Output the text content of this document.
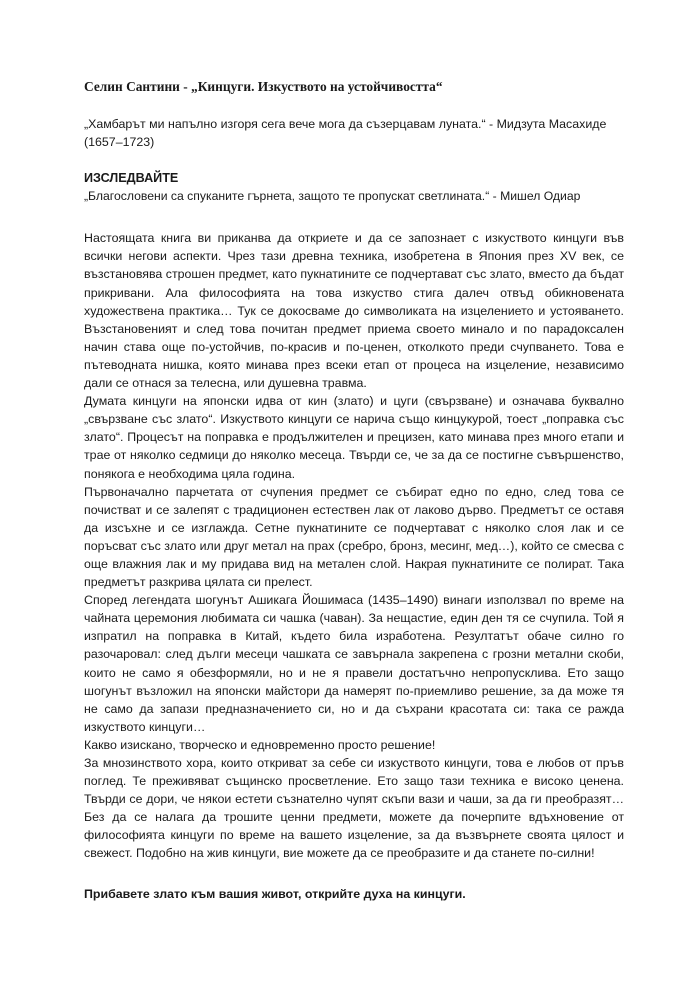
Селин Сантини - „Кинцуги. Изкуството на устойчивостта“

„Хамбарът ми напълно изгоря сега вече мога да съзерцавам луната.“ - Мидзута Масахиде (1657–1723)

ИЗСЛЕДВАЙТЕ

„Благословени са спуканите гърнета, защото те пропускат светлината.“ - Мишел Одиар

Настоящата книга ви приканва да откриете и да се запознает с изкуството кинцуги във всички негови аспекти. Чрез тази древна техника, изобретена в Япония през XV век, се възстановява строшен предмет, като пукнатините се подчертават със злато, вместо да бъдат прикривани. Ала философията на това изкуство стига далеч отвъд обикновената художествена практика… Тук се докосваме до символиката на изцелението и устояването. Възстановеният и след това почитан предмет приема своето минало и по парадоксален начин става още по-устойчив, по-красив и по-ценен, отколкото преди счупването. Това е пътеводната нишка, която минава през всеки етап от процеса на изцеление, независимо дали се отнася за телесна, или душевна травма.

Думата кинцуги на японски идва от кин (злато) и цуги (свързване) и означава буквално „свързване със злато“. Изкуството кинцуги се нарича също кинцукурой, тоест „поправка със злато“. Процесът на поправка е продължителен и прецизен, като минава през много етапи и трае от няколко седмици до няколко месеца. Твърди се, че за да се постигне съвършенство, понякога е необходима цяла година.

Първоначално парчетата от счупения предмет се събират едно по едно, след това се почистват и се залепят с традиционен естествен лак от лаково дърво. Предметът се оставя да изсъхне и се изглажда. Сетне пукнатините се подчертават с няколко слоя лак и се поръсват със злато или друг метал на прах (сребро, бронз, месинг, мед…), който се смесва с още влажния лак и му придава вид на метален слой. Накрая пукнатините се полират. Така предметът разкрива цялата си прелест.

Според легендата шогунът Ашикага Йошимаса (1435–1490) винаги използвал по време на чайната церемония любимата си чашка (чаван). За нещастие, един ден тя се счупила. Той я изпратил на поправка в Китай, където била изработена. Резултатът обаче силно го разочаровал: след дълги месеци чашката се завърнала закрепена с грозни метални скоби, които не само я обезформяли, но и не я правели достатъчно непропусклива. Ето защо шогунът възложил на японски майстори да намерят по-приемливо решение, за да може тя не само да запази предназначението си, но и да съхрани красотата си: така се ражда изкуството кинцуги…

Какво изискано, творческо и едновременно просто решение!

За мнозинството хора, които откриват за себе си изкуството кинцуги, това е любов от пръв поглед. Те преживяват същинско просветление. Ето защо тази техника е високо ценена. Твърди се дори, че някои естети съзнателно чупят скъпи вази и чаши, за да ги преобразят… Без да се налага да трошите ценни предмети, можете да почерпите вдъхновение от философията кинцуги по време на вашето изцеление, за да възвърнете своята цялост и свежест. Подобно на жив кинцуги, вие можете да се преобразите и да станете по-силни!

Прибавете злато към вашия живот, открийте духа на кинцуги.
